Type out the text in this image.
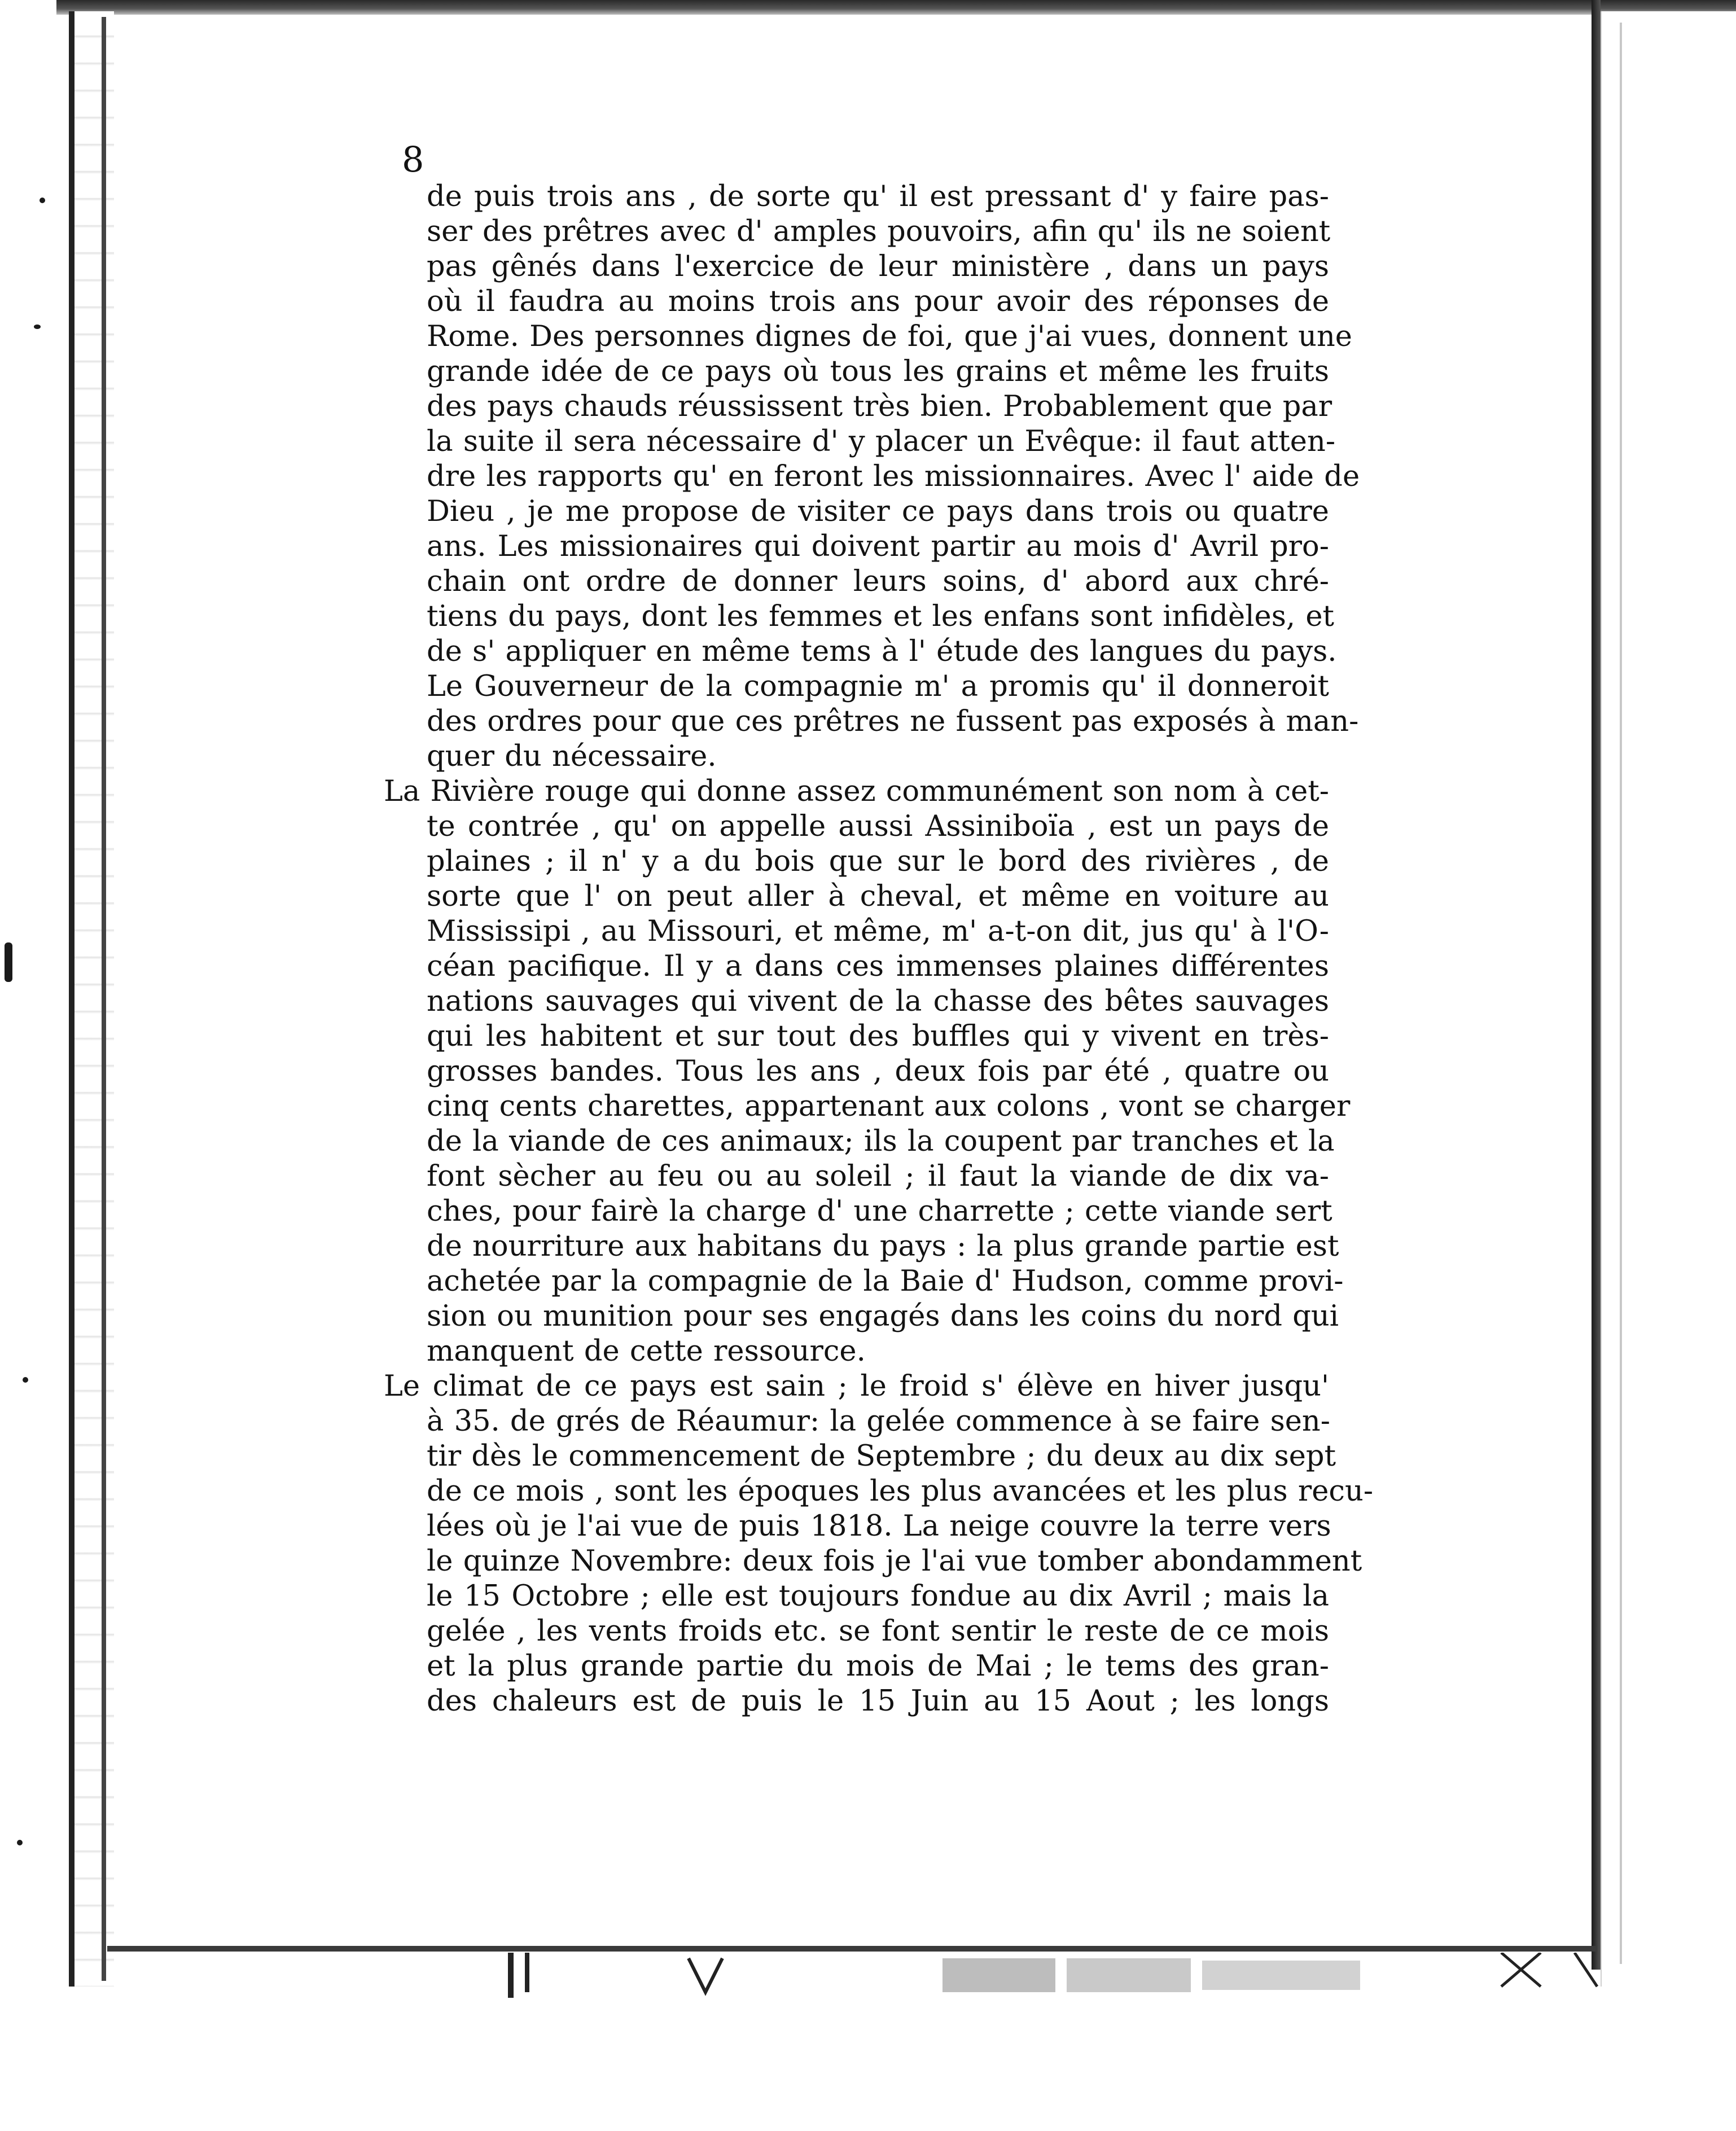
8
de puis trois ans , de sorte qu' il est pressant d' y faire pas-
ser des prêtres avec d' amples pouvoirs, afin qu' ils ne soient
pas gênés dans l'exercice de leur ministère , dans un pays
où il faudra au moins trois ans pour avoir des réponses de
Rome. Des personnes dignes de foi, que j'ai vues, donnent une
grande idée de ce pays où tous les grains et même les fruits
des pays chauds réussissent très bien. Probablement que par
la suite il sera nécessaire d' y placer un Evêque: il faut atten-
dre les rapports qu' en feront les missionnaires. Avec l' aide de
Dieu , je me propose de visiter ce pays dans trois ou quatre
ans. Les missionaires qui doivent partir au mois d' Avril pro-
chain ont ordre de donner leurs soins, d' abord aux chré-
tiens du pays, dont les femmes et les enfans sont infidèles, et
de s' appliquer en même tems à l' étude des langues du pays.
Le Gouverneur de la compagnie m' a promis qu' il donneroit
des ordres pour que ces prêtres ne fussent pas exposés à man-
quer du nécessaire.
La Rivière rouge qui donne assez communément son nom à cet-
te contrée , qu' on appelle aussi Assiniboïa , est un pays de
plaines ; il n' y a du bois que sur le bord des rivières , de
sorte que l' on peut aller à cheval, et même en voiture au
Mississipi , au Missouri, et même, m' a-t-on dit, jus qu' à l'O-
céan pacifique. Il y a dans ces immenses plaines différentes
nations sauvages qui vivent de la chasse des bêtes sauvages
qui les habitent et sur tout des buffles qui y vivent en très-
grosses bandes. Tous les ans , deux fois par été , quatre ou
cinq cents charettes, appartenant aux colons , vont se charger
de la viande de ces animaux; ils la coupent par tranches et la
font sècher au feu ou au soleil ; il faut la viande de dix va-
ches, pour fairè la charge d' une charrette ; cette viande sert
de nourriture aux habitans du pays : la plus grande partie est
achetée par la compagnie de la Baie d' Hudson, comme provi-
sion ou munition pour ses engagés dans les coins du nord qui
manquent de cette ressource.
Le climat de ce pays est sain ; le froid s' élève en hiver jusqu'
à 35. de grés de Réaumur: la gelée commence à se faire sen-
tir dès le commencement de Septembre ; du deux au dix sept
de ce mois , sont les époques les plus avancées et les plus recu-
lées où je l'ai vue de puis 1818. La neige couvre la terre vers
le quinze Novembre: deux fois je l'ai vue tomber abondamment
le 15 Octobre ; elle est toujours fondue au dix Avril ; mais la
gelée , les vents froids etc. se font sentir le reste de ce mois
et la plus grande partie du mois de Mai ; le tems des gran-
des chaleurs est de puis le 15 Juin au 15 Aout ; les longs
